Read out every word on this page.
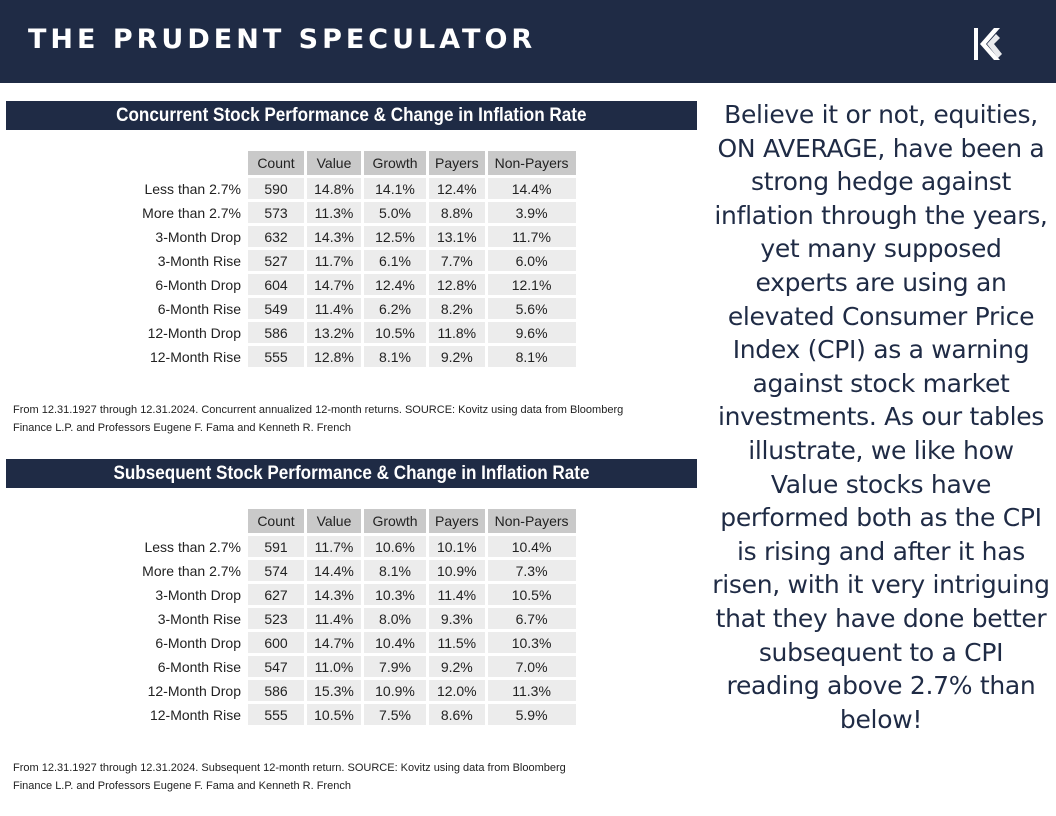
THE PRUDENT SPECULATOR
Concurrent Stock Performance & Change in Inflation Rate
	Count	Value	Growth	Payers	Non-Payers
Less than 2.7%	590	14.8%	14.1%	12.4%	14.4%
More than 2.7%	573	11.3%	5.0%	8.8%	3.9%
3-Month Drop	632	14.3%	12.5%	13.1%	11.7%
3-Month Rise	527	11.7%	6.1%	7.7%	6.0%
6-Month Drop	604	14.7%	12.4%	12.8%	12.1%
6-Month Rise	549	11.4%	6.2%	8.2%	5.6%
12-Month Drop	586	13.2%	10.5%	11.8%	9.6%
12-Month Rise	555	12.8%	8.1%	9.2%	8.1%
From 12.31.1927 through 12.31.2024. Concurrent annualized 12-month returns. SOURCE: Kovitz using data from Bloomberg
Finance L.P. and Professors Eugene F. Fama and Kenneth R. French
Subsequent Stock Performance & Change in Inflation Rate
	Count	Value	Growth	Payers	Non-Payers
Less than 2.7%	591	11.7%	10.6%	10.1%	10.4%
More than 2.7%	574	14.4%	8.1%	10.9%	7.3%
3-Month Drop	627	14.3%	10.3%	11.4%	10.5%
3-Month Rise	523	11.4%	8.0%	9.3%	6.7%
6-Month Drop	600	14.7%	10.4%	11.5%	10.3%
6-Month Rise	547	11.0%	7.9%	9.2%	7.0%
12-Month Drop	586	15.3%	10.9%	12.0%	11.3%
12-Month Rise	555	10.5%	7.5%	8.6%	5.9%
From 12.31.1927 through 12.31.2024. Subsequent 12-month return. SOURCE: Kovitz using data from Bloomberg
Finance L.P. and Professors Eugene F. Fama and Kenneth R. French
Believe it or not, equities, ON AVERAGE, have been a strong hedge against inflation through the years, yet many supposed experts are using an elevated Consumer Price Index (CPI) as a warning against stock market investments. As our tables illustrate, we like how Value stocks have performed both as the CPI is rising and after it has risen, with it very intriguing that they have done better subsequent to a CPI reading above 2.7% than below!
